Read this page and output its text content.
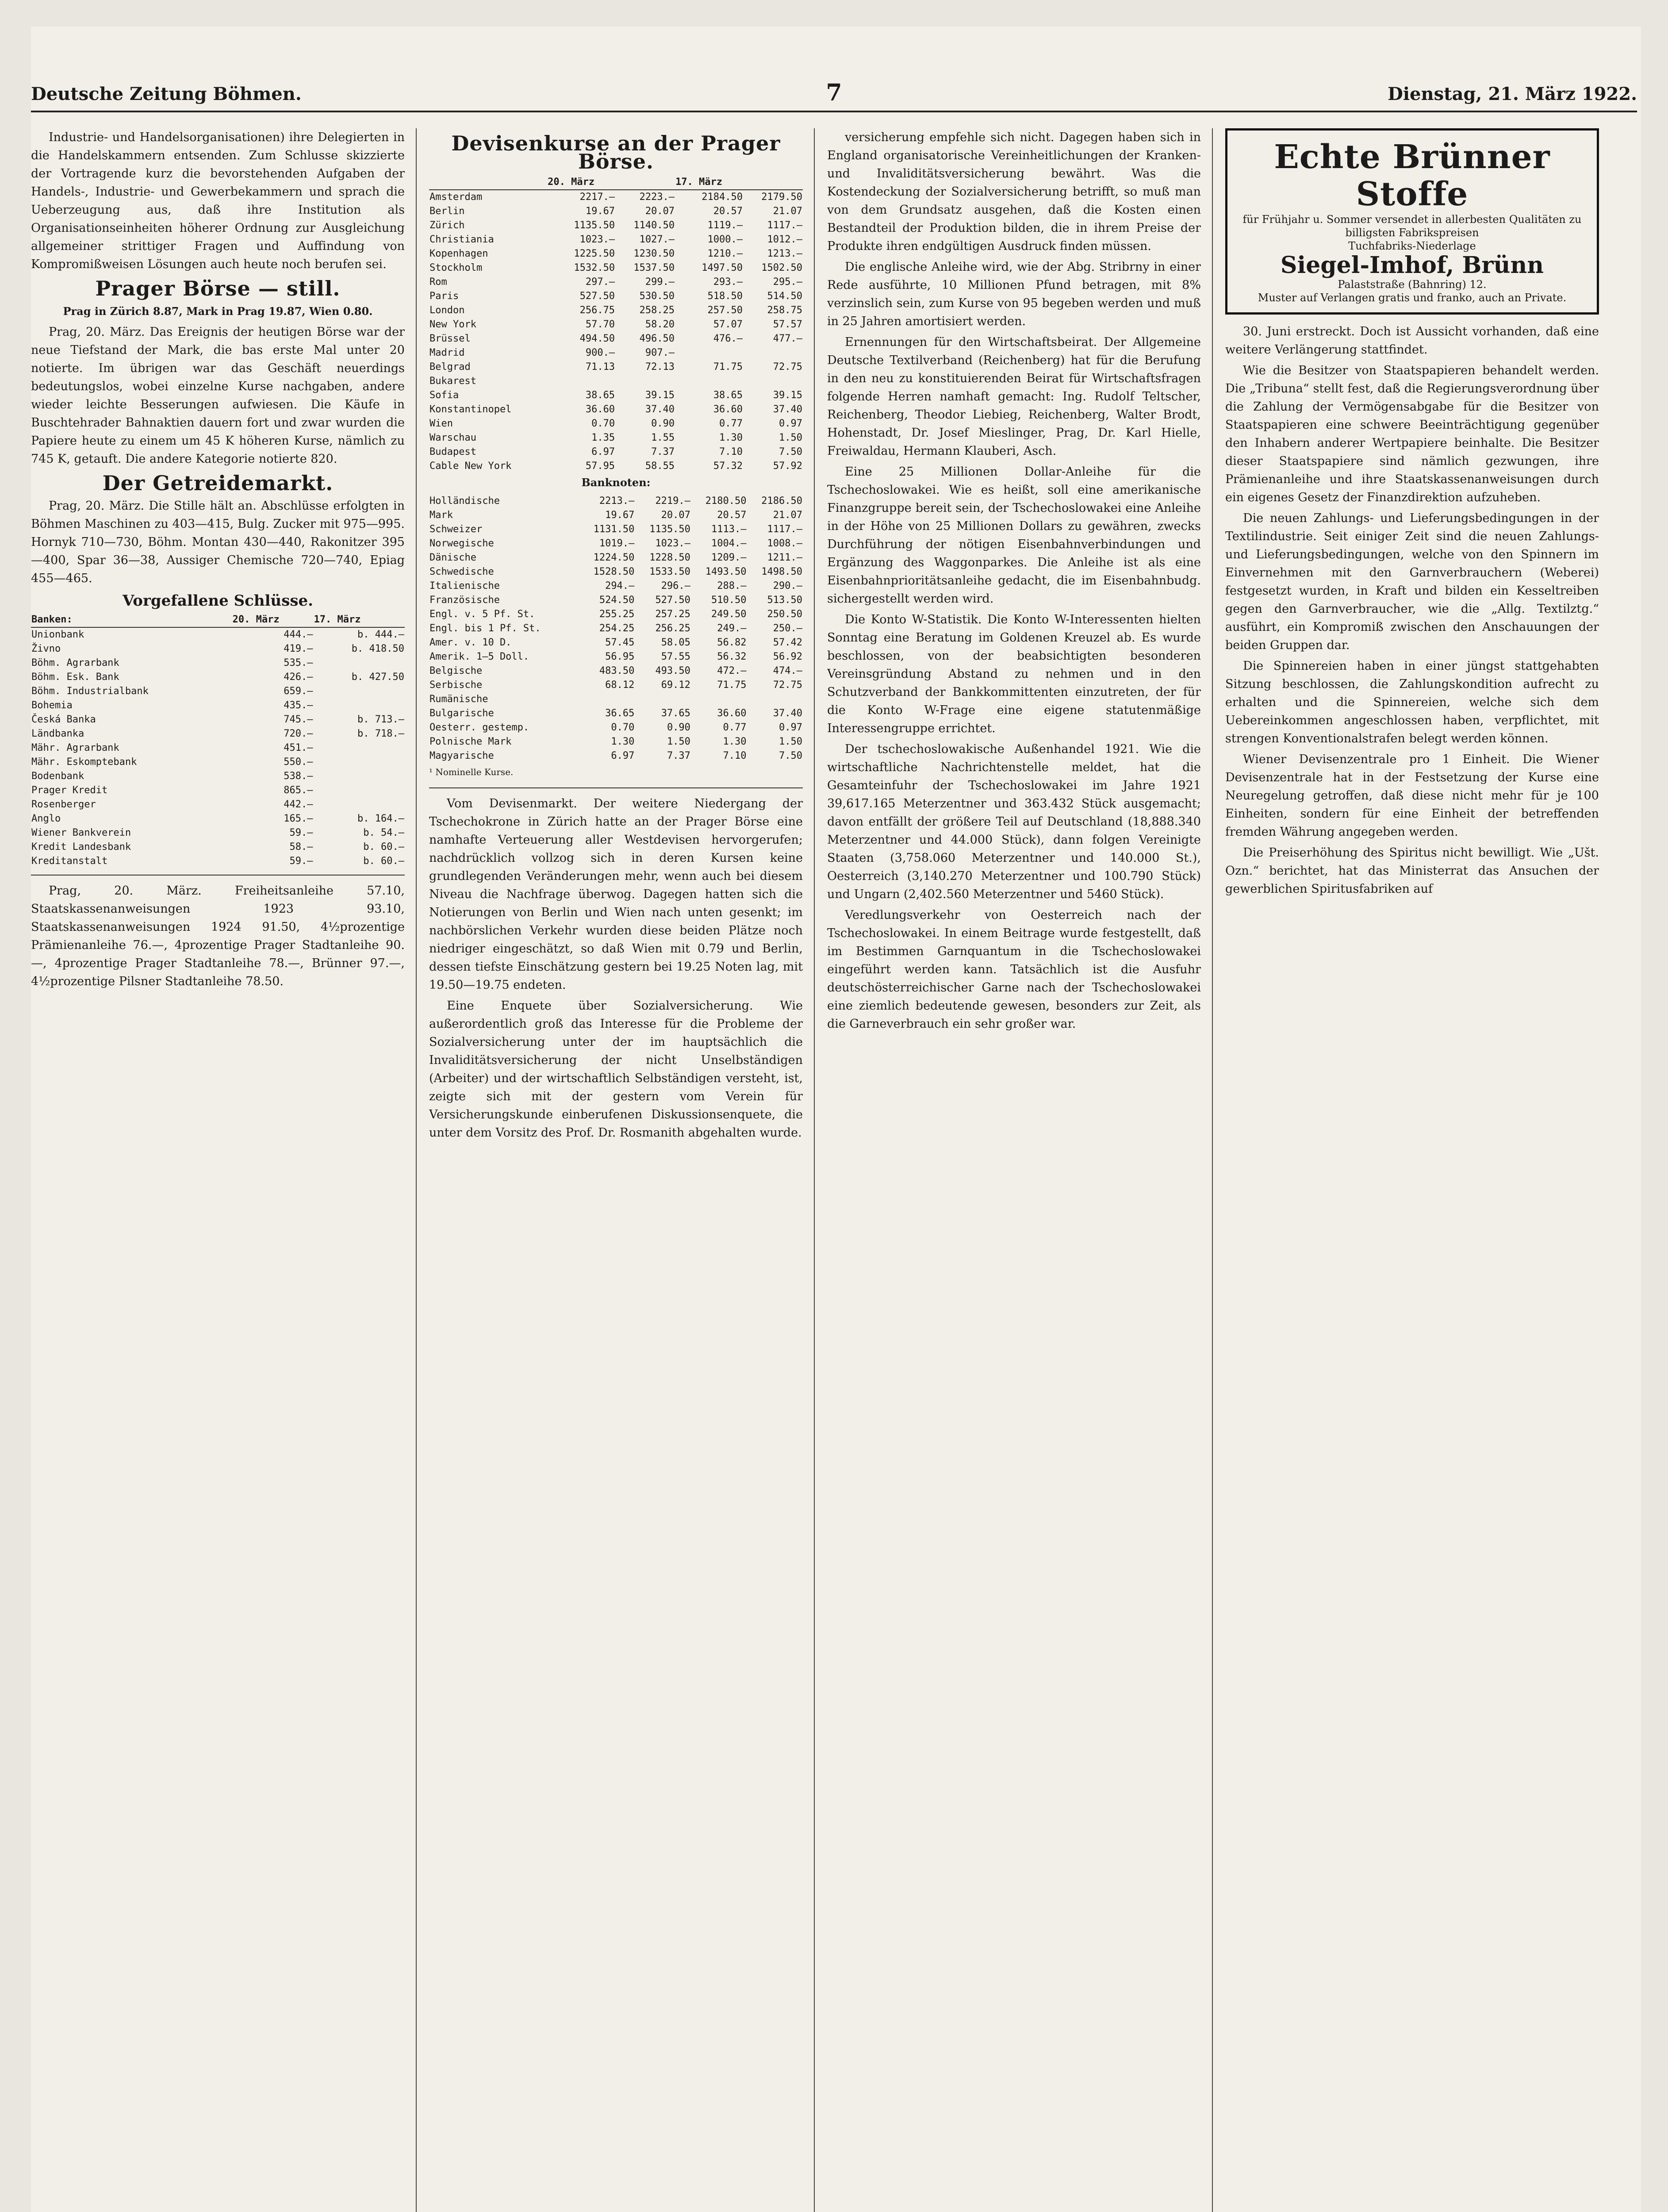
Deutsche Zeitung Böhmen.	7	Dienstag, 21. März 1922.

Industrie- und Handelsorganisationen) ihre Delegierten in die Handelskammern entsenden. Zum Schlusse skizzierte der Vortragende kurz die bevorstehenden Aufgaben der Handels-, Industrie- und Gewerbekammern und sprach die Ueberzeugung aus, daß ihre Institution als Organisationseinheiten höherer Ordnung zur Ausgleichung allgemeiner strittiger Fragen und Auffindung von Kompromißweisen Lösungen auch heute noch berufen sei.

Prager Börse — still.
Prag in Zürich 8.87, Mark in Prag 19.87, Wien 0.80.

Prag, 20. März. Das Ereignis der heutigen Börse war der neue Tiefstand der Mark, die bas erste Mal unter 20 notierte. Im übrigen war das Geschäft neuerdings bedeutungslos, wobei einzelne Kurse nachgaben, andere wieder leichte Besserungen aufwiesen. Die Käufe in Buschtehrader Bahnaktien dauern fort und zwar wurden die Papiere heute zu einem um 45 K höheren Kurse, nämlich zu 745 K, getauft. Die andere Kategorie notierte 820.

Der Getreidemarkt.

Prag, 20. März. Die Stille hält an. Abschlüsse erfolgten in Böhmen Maschinen zu 403—415, Bulg. Zucker mit 975—995. Hornyk 710—730, Böhm. Montan 430—440, Rakonitzer 395—400, Spar 36—38, Aussiger Chemische 720—740, Epiag 455—465.

Vorgefallene Schlüsse.
Banken:	20. März	17. März
Unionbank	444.—	b. 444.—
Živno	419.—	b. 418.50
Böhm. Agrarbank	535.—	
Böhm. Esk. Bank	426.—	b. 427.50
Böhm. Industrialbank	659.—	
Bohemia	435.—	
Česká Banka	745.—	b. 713.—
Ländbanka	720.—	b. 718.—
Mähr. Agrarbank	451.—	
Mähr. Eskomptebank	550.—	
Bodenbank	538.—	
Prager Kredit	865.—	
Rosenberger	442.—	
Anglo	165.—	b. 164.—
Wiener Bankverein	59.—	b. 54.—
Kredit Landesbank	58.—	b. 60.—
Kreditanstalt	59.—	b. 60.—

Prag, 20. März. Freiheitsanleihe 57.10, Staatskassenanweisungen 1923 93.10, Staatskassenanweisungen 1924 91.50, 4½prozentige Prämienanleihe 76.—, 4prozentige Prager Stadtanleihe 90.—, 4prozentige Prager Stadtanleihe 78.—, Brünner 97.—, 4½prozentige Pilsner Stadtanleihe 78.50.

Devisenkurse an der Prager Börse.
	20. März		17. März	
Amsterdam	2217.—	2223.—	2184.50	2179.50
Berlin	19.67	20.07	20.57	21.07
Zürich	1135.50	1140.50	1119.—	1117.—
Christiania	1023.—	1027.—	1000.—	1012.—
Kopenhagen	1225.50	1230.50	1210.—	1213.—
Stockholm	1532.50	1537.50	1497.50	1502.50
Rom	297.—	299.—	293.—	295.—
Paris	527.50	530.50	518.50	514.50
London	256.75	258.25	257.50	258.75
New York	57.70	58.20	57.07	57.57
Brüssel	494.50	496.50	476.—	477.—
Madrid	900.—	907.—		
Belgrad	71.13	72.13	71.75	72.75
Bukarest				
Sofia	38.65	39.15	38.65	39.15
Konstantinopel	36.60	37.40	36.60	37.40
Wien	0.70	0.90	0.77	0.97
Warschau	1.35	1.55	1.30	1.50
Budapest	6.97	7.37	7.10	7.50
Cable New York	57.95	58.55	57.32	57.92
Banknoten:
Holländische	2213.—	2219.—	2180.50	2186.50
Mark	19.67	20.07	20.57	21.07
Schweizer	1131.50	1135.50	1113.—	1117.—
Norwegische	1019.—	1023.—	1004.—	1008.—
Dänische	1224.50	1228.50	1209.—	1211.—
Schwedische	1528.50	1533.50	1493.50	1498.50
Italienische	294.—	296.—	288.—	290.—
Französische	524.50	527.50	510.50	513.50
Engl. v. 5 Pf. St.	255.25	257.25	249.50	250.50
Engl. bis 1 Pf. St.	254.25	256.25	249.—	250.—
Amer. v. 10 D.	57.45	58.05	56.82	57.42
Amerik. 1—5 Doll.	56.95	57.55	56.32	56.92
Belgische	483.50	493.50	472.—	474.—
Serbische	68.12	69.12	71.75	72.75
Rumänische				
Bulgarische	36.65	37.65	36.60	37.40
Oesterr. gestemp.	0.70	0.90	0.77	0.97
Polnische Mark	1.30	1.50	1.30	1.50
Magyarische	6.97	7.37	7.10	7.50
¹ Nominelle Kurse.

Vom Devisenmarkt. Der weitere Niedergang der Tschechokrone in Zürich hatte an der Prager Börse eine namhafte Verteuerung aller Westdevisen hervorgerufen; nachdrücklich vollzog sich in deren Kursen keine grundlegenden Veränderungen mehr, wenn auch bei diesem Niveau die Nachfrage überwog. Dagegen hatten sich die Notierungen von Berlin und Wien nach unten gesenkt; im nachbörslichen Verkehr wurden diese beiden Plätze noch niedriger eingeschätzt, so daß Wien mit 0.79 und Berlin, dessen tiefste Einschätzung gestern bei 19.25 Noten lag, mit 19.50—19.75 endeten.

Eine Enquete über Sozialversicherung. Wie außerordentlich groß das Interesse für die Probleme der Sozialversicherung unter der im hauptsächlich die Invaliditätsversicherung der nicht Unselbständigen (Arbeiter) und der wirtschaftlich Selbständigen versteht, ist, zeigte sich mit der gestern vom Verein für Versicherungskunde einberufenen Diskussionsenquete, die unter dem Vorsitz des Prof. Dr. Rosmanith abgehalten wurde.

versicherung empfehle sich nicht. Dagegen haben sich in England organisatorische Vereinheitlichungen der Kranken- und Invaliditätsversicherung bewährt. Was die Kostendeckung der Sozialversicherung betrifft, so muß man von dem Grundsatz ausgehen, daß die Kosten einen Bestandteil der Produktion bilden, die in ihrem Preise der Produkte ihren endgültigen Ausdruck finden müssen.

Die englische Anleihe wird, wie der Abg. Stribrny in einer Rede ausführte, 10 Millionen Pfund betragen, mit 8% verzinslich sein, zum Kurse von 95 begeben werden und muß in 25 Jahren amortisiert werden.

Ernennungen für den Wirtschaftsbeirat. Der Allgemeine Deutsche Textilverband (Reichenberg) hat für die Berufung in den neu zu konstituierenden Beirat für Wirtschaftsfragen folgende Herren namhaft gemacht: Ing. Rudolf Teltscher, Reichenberg, Theodor Liebieg, Reichenberg, Walter Brodt, Hohenstadt, Dr. Josef Mieslinger, Prag, Dr. Karl Hielle, Freiwaldau, Hermann Klauberi, Asch.

Eine 25 Millionen Dollar-Anleihe für die Tschechoslowakei. Wie es heißt, soll eine amerikanische Finanzgruppe bereit sein, der Tschechoslowakei eine Anleihe in der Höhe von 25 Millionen Dollars zu gewähren, zwecks Durchführung der nötigen Eisenbahnverbindungen und Ergänzung des Waggonparkes. Die Anleihe ist als eine Eisenbahnprioritätsanleihe gedacht, die im Eisenbahnbudg. sichergestellt werden wird.

Die Konto W-Statistik. Die Konto W-Interessenten hielten Sonntag eine Beratung im Goldenen Kreuzel ab. Es wurde beschlossen, von der beabsichtigten besonderen Vereinsgründung Abstand zu nehmen und in den Schutzverband der Bankkommittenten einzutreten, der für die Konto W-Frage eine eigene statutenmäßige Interessengruppe errichtet.

Der tschechoslowakische Außenhandel 1921. Wie die wirtschaftliche Nachrichtenstelle meldet, hat die Gesamteinfuhr der Tschechoslowakei im Jahre 1921 39,617.165 Meterzentner und 363.432 Stück ausgemacht; davon entfällt der größere Teil auf Deutschland (18,888.340 Meterzentner und 44.000 Stück), dann folgen Vereinigte Staaten (3,758.060 Meterzentner und 140.000 St.), Oesterreich (3,140.270 Meterzentner und 100.790 Stück) und Ungarn (2,402.560 Meterzentner und 5460 Stück).

Veredlungsverkehr von Oesterreich nach der Tschechoslowakei. In einem Beitrage wurde festgestellt, daß im Bestimmen Garnquantum in die Tschechoslowakei eingeführt werden kann. Tatsächlich ist die Ausfuhr deutschösterreichischer Garne nach der Tschechoslowakei eine ziemlich bedeutende gewesen, besonders zur Zeit, als die Garneverbrauch ein sehr großer war.

Echte Brünner Stoffe
für Frühjahr u. Sommer versendet in allerbesten Qualitäten zu billigsten Fabrikspreisen
Tuchfabriks-Niederlage
Siegel-Imhof, Brünn
Palaststraße (Bahnring) 12.
Muster auf Verlangen gratis und franko, auch an Private.

30. Juni erstreckt. Doch ist Aussicht vorhanden, daß eine weitere Verlängerung stattfindet.

Wie die Besitzer von Staatspapieren behandelt werden. Die „Tribuna“ stellt fest, daß die Regierungsverordnung über die Zahlung der Vermögensabgabe für die Besitzer von Staatspapieren eine schwere Beeinträchtigung gegenüber den Inhabern anderer Wertpapiere beinhalte. Die Besitzer dieser Staatspapiere sind nämlich gezwungen, ihre Prämienanleihe und ihre Staatskassenanweisungen durch ein eigenes Gesetz der Finanzdirektion aufzuheben.

Die neuen Zahlungs- und Lieferungsbedingungen in der Textilindustrie. Seit einiger Zeit sind die neuen Zahlungs- und Lieferungsbedingungen, welche von den Spinnern im Einvernehmen mit den Garnverbrauchern (Weberei) festgesetzt wurden, in Kraft und bilden ein Kesseltreiben gegen den Garnverbraucher, wie die „Allg. Textilztg.“ ausführt, ein Kompromiß zwischen den Anschauungen der beiden Gruppen dar.

Die Spinnereien haben in einer jüngst stattgehabten Sitzung beschlossen, die Zahlungskondition aufrecht zu erhalten und die Spinnereien, welche sich dem Uebereinkommen angeschlossen haben, verpflichtet, mit strengen Konventionalstrafen belegt werden können.

Wiener Devisenzentrale pro 1 Einheit. Die Wiener Devisenzentrale hat in der Festsetzung der Kurse eine Neuregelung getroffen, daß diese nicht mehr für je 100 Einheiten, sondern für eine Einheit der betreffenden fremden Währung angegeben werden.

Die Preiserhöhung des Spiritus nicht bewilligt. Wie „Ušt. Ozn.“ berichtet, hat das Ministerrat das Ansuchen der gewerblichen Spiritusfabriken auf
